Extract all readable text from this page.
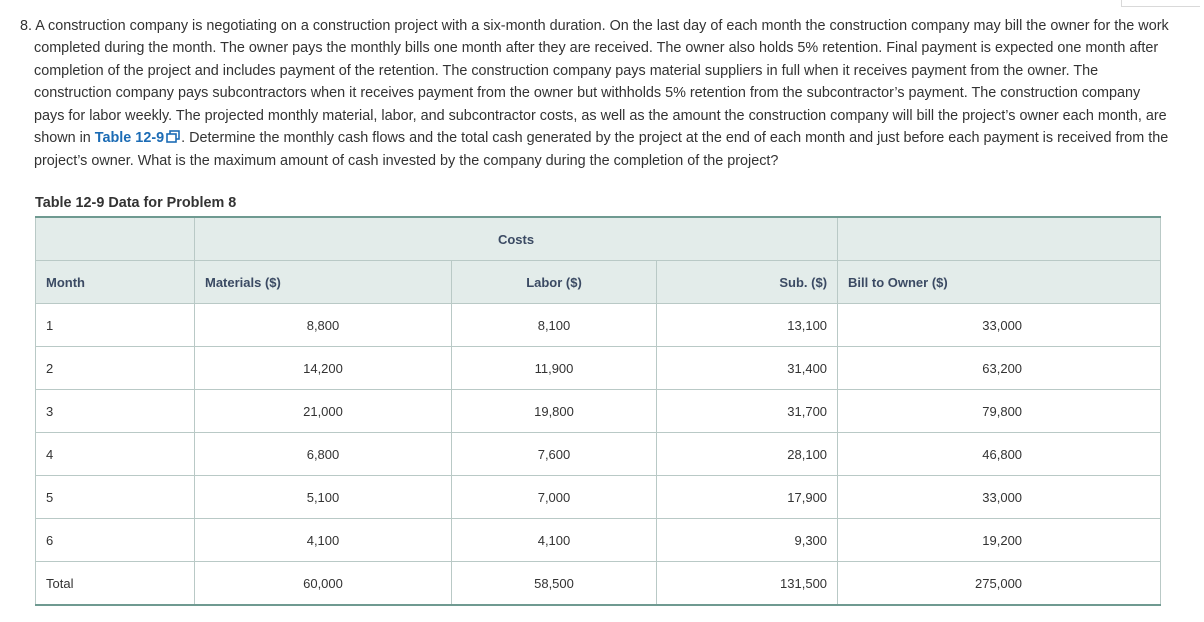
8. A construction company is negotiating on a construction project with a six-month duration. On the last day of each month the construction company may bill the owner for the work completed during the month. The owner pays the monthly bills one month after they are received. The owner also holds 5% retention. Final payment is expected one month after completion of the project and includes payment of the retention. The construction company pays material suppliers in full when it receives payment from the owner. The construction company pays subcontractors when it receives payment from the owner but withholds 5% retention from the subcontractor’s payment. The construction company pays for labor weekly. The projected monthly material, labor, and subcontractor costs, as well as the amount the construction company will bill the project’s owner each month, are shown in Table 12-9 . Determine the monthly cash flows and the total cash generated by the project at the end of each month and just before each payment is received from the project’s owner. What is the maximum amount of cash invested by the company during the completion of the project?
Table 12-9 Data for Problem 8
	Costs			
Month	Materials ($)	Labor ($)	Sub. ($)	Bill to Owner ($)
1	8,800	8,100	13,100	33,000
2	14,200	11,900	31,400	63,200
3	21,000	19,800	31,700	79,800
4	6,800	7,600	28,100	46,800
5	5,100	7,000	17,900	33,000
6	4,100	4,100	9,300	19,200
Total	60,000	58,500	131,500	275,000
